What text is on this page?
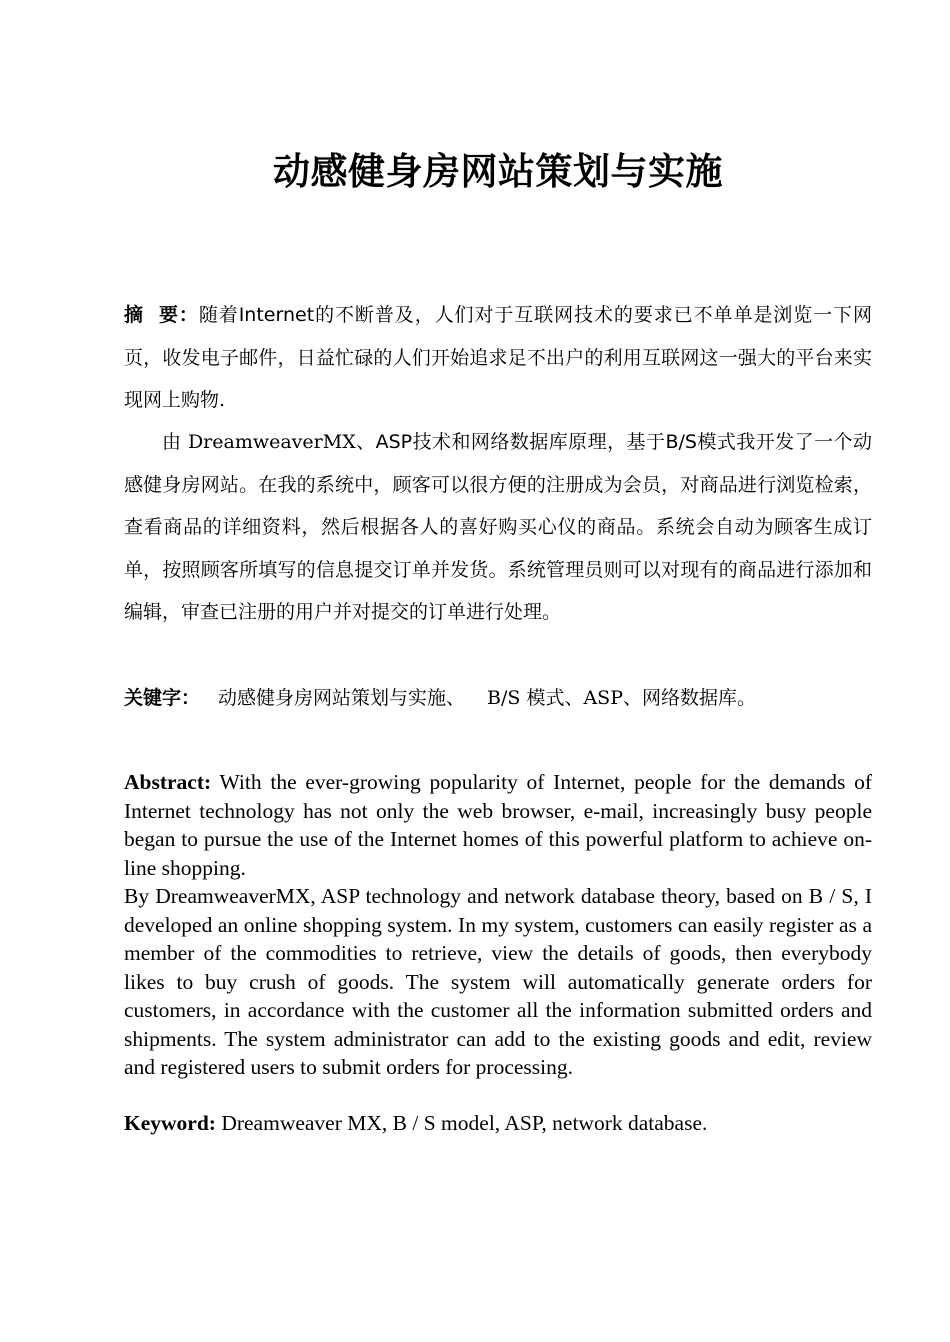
动感健身房网站策划与实施
摘  要：随着Internet的不断普及，人们对于互联网技术的要求已不单单是浏览一下网页，收发电子邮件，日益忙碌的人们开始追求足不出户的利用互联网这一强大的平台来实现网上购物.
由 DreamweaverMX、ASP技术和网络数据库原理，基于B/S模式我开发了一个动感健身房网站。在我的系统中，顾客可以很方便的注册成为会员，对商品进行浏览检索，查看商品的详细资料，然后根据各人的喜好购买心仪的商品。系统会自动为顾客生成订单，按照顾客所填写的信息提交订单并发货。系统管理员则可以对现有的商品进行添加和编辑，审查已注册的用户并对提交的订单进行处理。
关键字： 动感健身房网站策划与实施、 B/S 模式、ASP、网络数据库。

Abstract: With the ever-growing popularity of Internet, people for the demands of Internet technology has not only the web browser, e-mail, increasingly busy people began to pursue the use of the Internet homes of this powerful platform to achieve on-line shopping.

By DreamweaverMX, ASP technology and network database theory, based on B / S, I developed an online shopping system. In my system, customers can easily register as a member of the commodities to retrieve, view the details of goods, then everybody likes to buy crush of goods. The system will automatically generate orders for customers, in accordance with the customer all the information submitted orders and shipments. The system administrator can add to the existing goods and edit, review and registered users to submit orders for processing.

Keyword: Dreamweaver MX, B / S model, ASP, network database.
